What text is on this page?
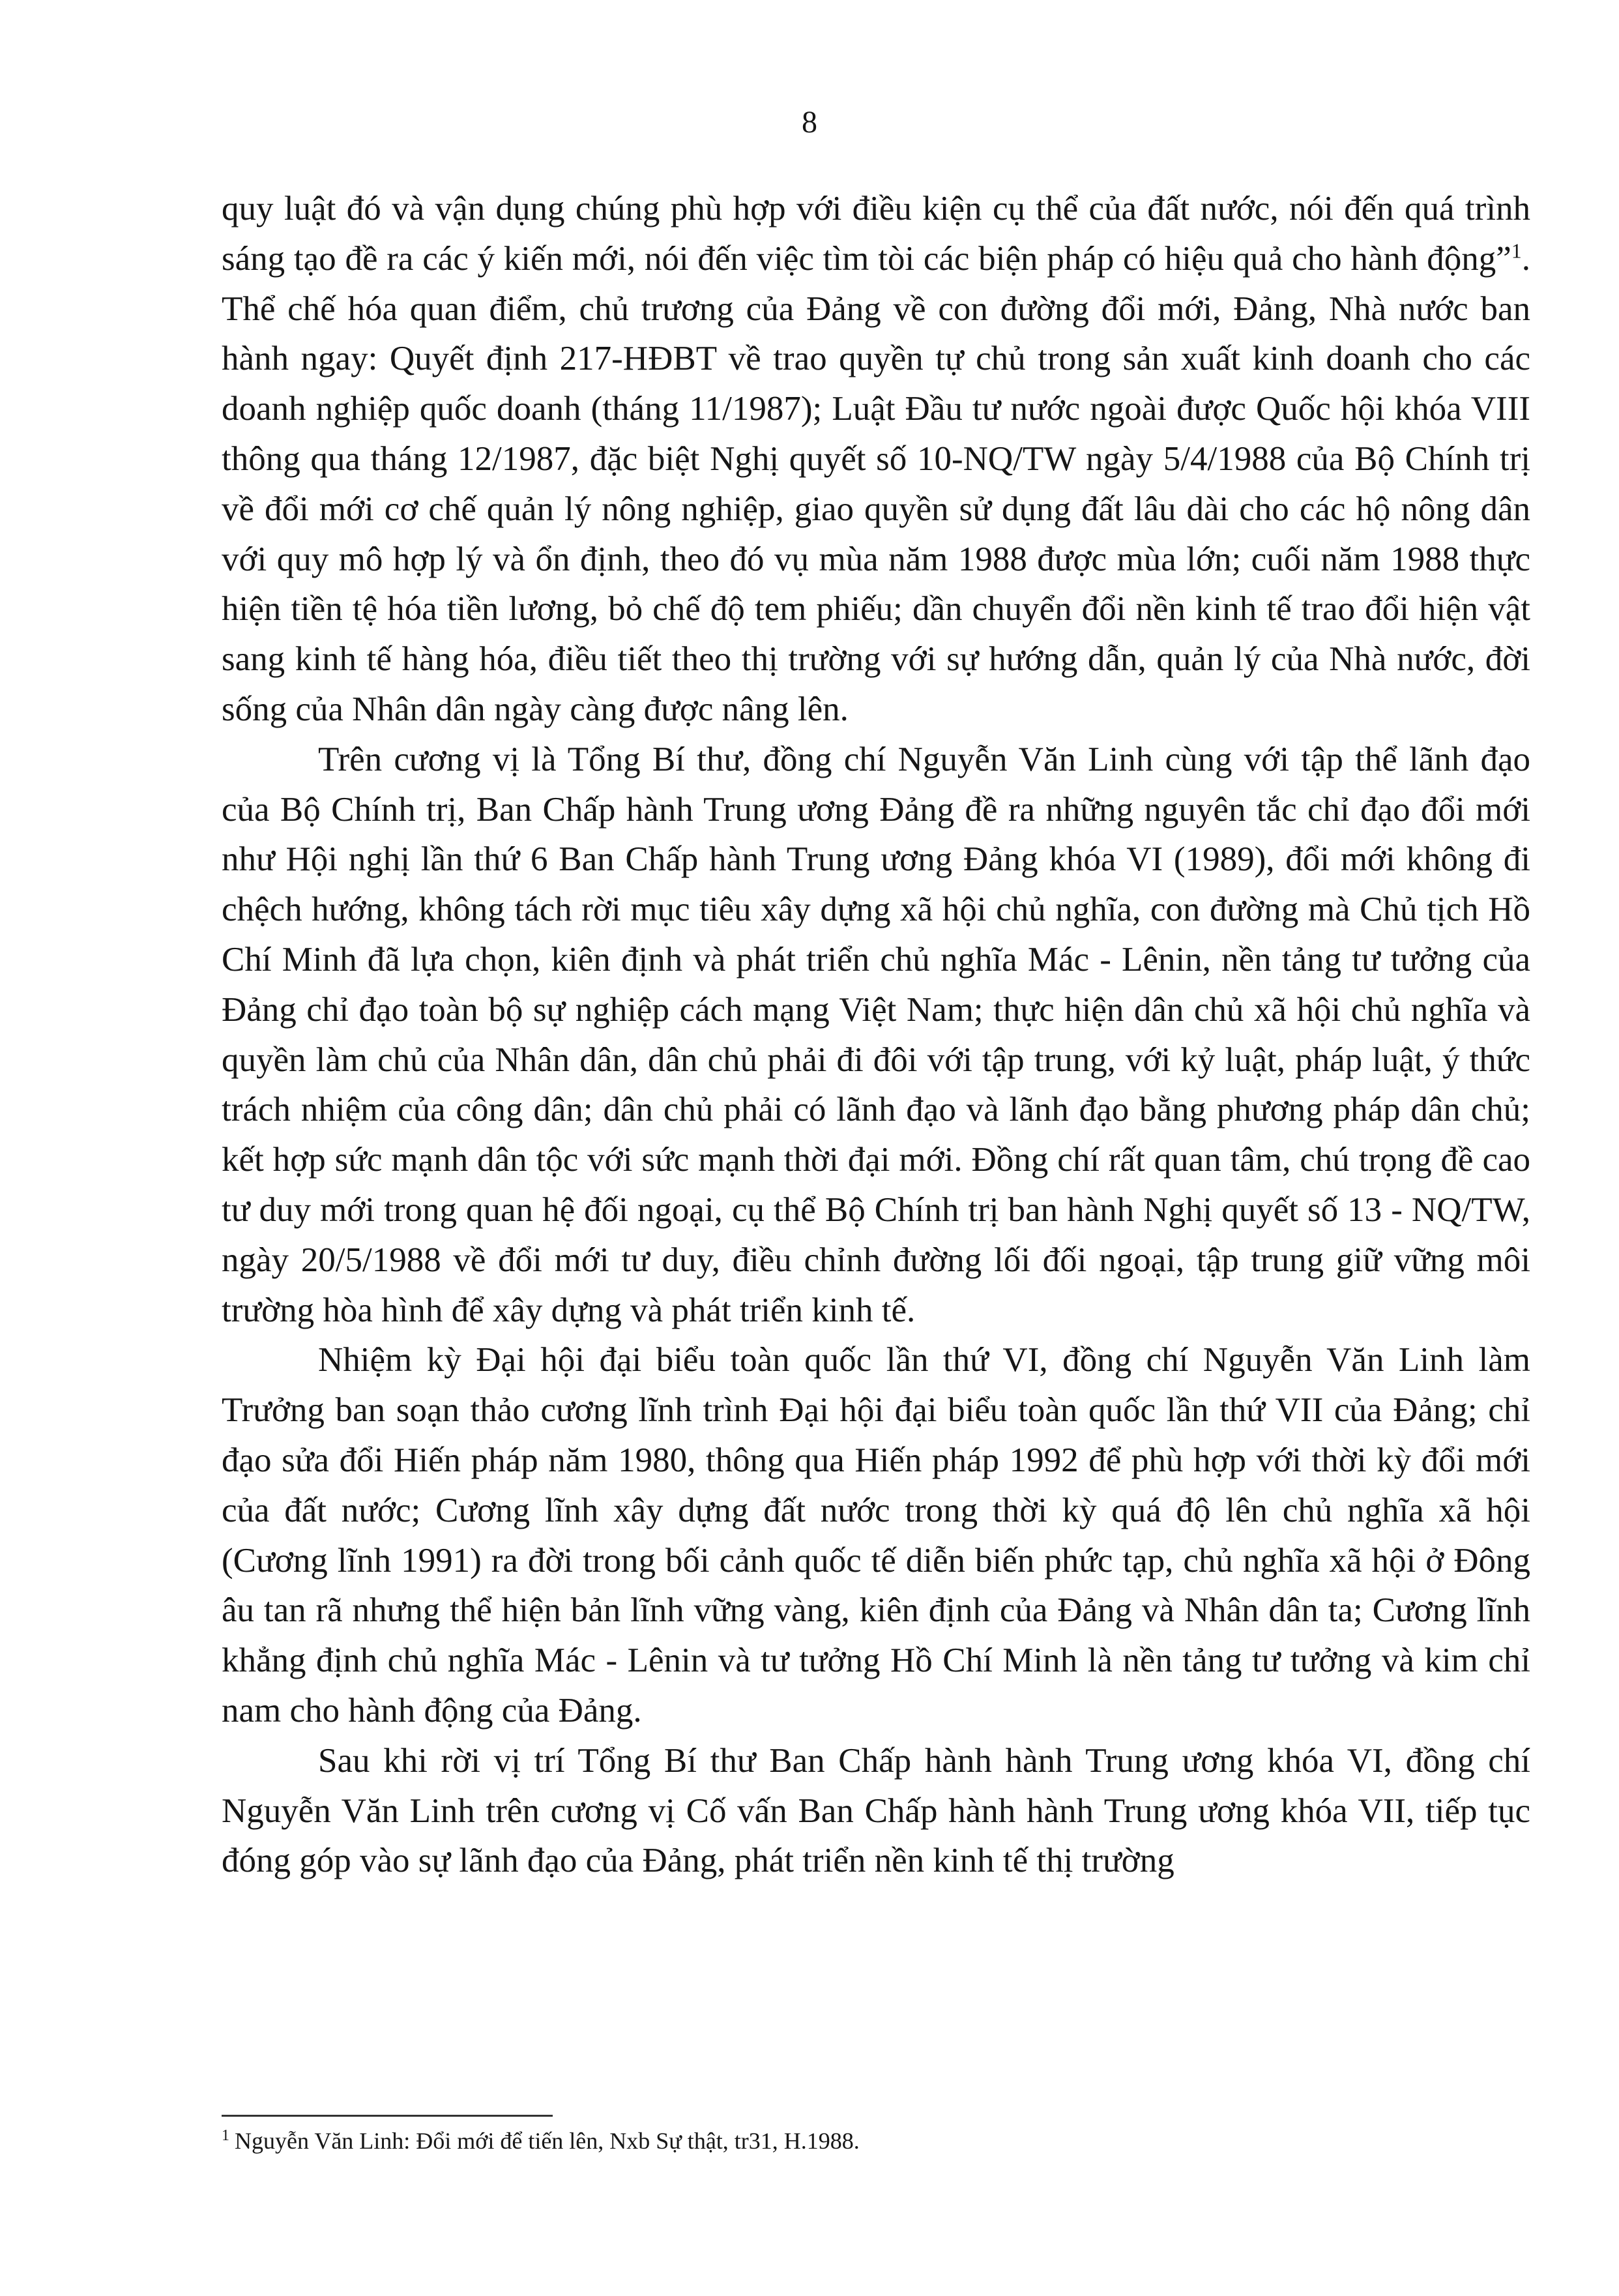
8

quy luật đó và vận dụng chúng phù hợp với điều kiện cụ thể của đất nước, nói đến quá trình sáng tạo đề ra các ý kiến mới, nói đến việc tìm tòi các biện pháp có hiệu quả cho hành động”$^1$. Thể chế hóa quan điểm, chủ trương của Đảng về con đường đổi mới, Đảng, Nhà nước ban hành ngay: Quyết định 217-HĐBT về trao quyền tự chủ trong sản xuất kinh doanh cho các doanh nghiệp quốc doanh (tháng 11/1987); Luật Đầu tư nước ngoài được Quốc hội khóa VIII thông qua tháng 12/1987, đặc biệt Nghị quyết số 10-NQ/TW ngày 5/4/1988 của Bộ Chính trị về đổi mới cơ chế quản lý nông nghiệp, giao quyền sử dụng đất lâu dài cho các hộ nông dân với quy mô hợp lý và ổn định, theo đó vụ mùa năm 1988 được mùa lớn; cuối năm 1988 thực hiện tiền tệ hóa tiền lương, bỏ chế độ tem phiếu; dần chuyển đổi nền kinh tế trao đổi hiện vật sang kinh tế hàng hóa, điều tiết theo thị trường với sự hướng dẫn, quản lý của Nhà nước, đời sống của Nhân dân ngày càng được nâng lên.

Trên cương vị là Tổng Bí thư, đồng chí Nguyễn Văn Linh cùng với tập thể lãnh đạo của Bộ Chính trị, Ban Chấp hành Trung ương Đảng đề ra những nguyên tắc chỉ đạo đổi mới như Hội nghị lần thứ 6 Ban Chấp hành Trung ương Đảng khóa VI (1989), đổi mới không đi chệch hướng, không tách rời mục tiêu xây dựng xã hội chủ nghĩa, con đường mà Chủ tịch Hồ Chí Minh đã lựa chọn, kiên định và phát triển chủ nghĩa Mác - Lênin, nền tảng tư tưởng của Đảng chỉ đạo toàn bộ sự nghiệp cách mạng Việt Nam; thực hiện dân chủ xã hội chủ nghĩa và quyền làm chủ của Nhân dân, dân chủ phải đi đôi với tập trung, với kỷ luật, pháp luật, ý thức trách nhiệm của công dân; dân chủ phải có lãnh đạo và lãnh đạo bằng phương pháp dân chủ; kết hợp sức mạnh dân tộc với sức mạnh thời đại mới. Đồng chí rất quan tâm, chú trọng đề cao tư duy mới trong quan hệ đối ngoại, cụ thể Bộ Chính trị ban hành Nghị quyết số 13 - NQ/TW, ngày 20/5/1988 về đổi mới tư duy, điều chỉnh đường lối đối ngoại, tập trung giữ vững môi trường hòa hình để xây dựng và phát triển kinh tế.

Nhiệm kỳ Đại hội đại biểu toàn quốc lần thứ VI, đồng chí Nguyễn Văn Linh làm Trưởng ban soạn thảo cương lĩnh trình Đại hội đại biểu toàn quốc lần thứ VII của Đảng; chỉ đạo sửa đổi Hiến pháp năm 1980, thông qua Hiến pháp 1992 để phù hợp với thời kỳ đổi mới của đất nước; Cương lĩnh xây dựng đất nước trong thời kỳ quá độ lên chủ nghĩa xã hội (Cương lĩnh 1991) ra đời trong bối cảnh quốc tế diễn biến phức tạp, chủ nghĩa xã hội ở Đông âu tan rã nhưng thể hiện bản lĩnh vững vàng, kiên định của Đảng và Nhân dân ta; Cương lĩnh khẳng định chủ nghĩa Mác - Lênin và tư tưởng Hồ Chí Minh là nền tảng tư tưởng và kim chỉ nam cho hành động của Đảng.

Sau khi rời vị trí Tổng Bí thư Ban Chấp hành hành Trung ương khóa VI, đồng chí Nguyễn Văn Linh trên cương vị Cố vấn Ban Chấp hành hành Trung ương khóa VII, tiếp tục đóng góp vào sự lãnh đạo của Đảng, phát triển nền kinh tế thị trường

$^1$ Nguyễn Văn Linh: Đổi mới để tiến lên, Nxb Sự thật, tr31, H.1988.
